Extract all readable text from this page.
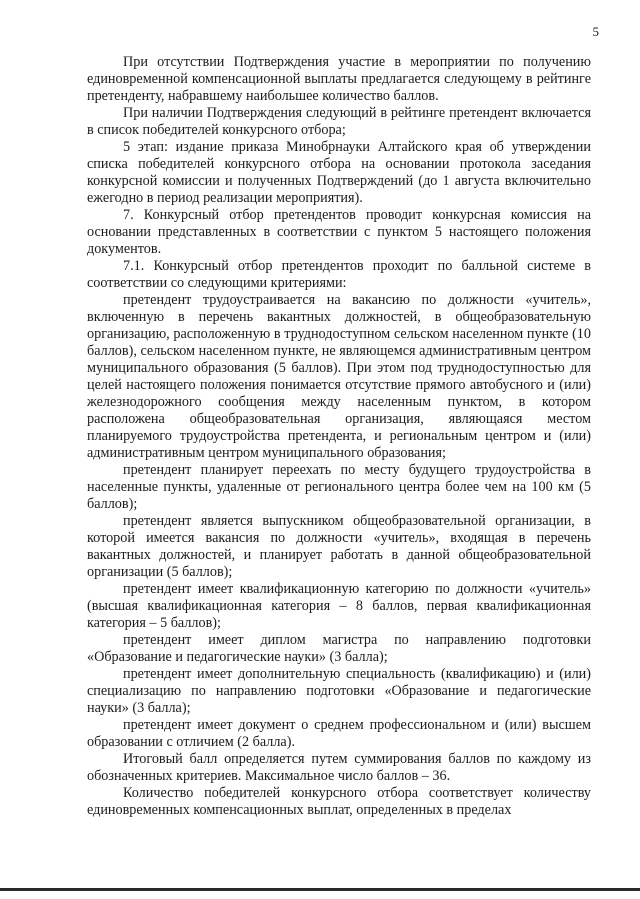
5

При отсутствии Подтверждения участие в мероприятии по получению единовременной компенсационной выплаты предлагается следующему в рейтинге претенденту, набравшему наибольшее количество баллов.

При наличии Подтверждения следующий в рейтинге претендент включается в список победителей конкурсного отбора;

5 этап: издание приказа Минобрнауки Алтайского края об утверждении списка победителей конкурсного отбора на основании протокола заседания конкурсной комиссии и полученных Подтверждений (до 1 августа включительно ежегодно в период реализации мероприятия).

7. Конкурсный отбор претендентов проводит конкурсная комиссия на основании представленных в соответствии с пунктом 5 настоящего положения документов.

7.1. Конкурсный отбор претендентов проходит по балльной системе в соответствии со следующими критериями:

претендент трудоустраивается на вакансию по должности «учитель», включенную в перечень вакантных должностей, в общеобразовательную организацию, расположенную в труднодоступном сельском населенном пункте (10 баллов), сельском населенном пункте, не являющемся административным центром муниципального образования (5 баллов). При этом под труднодоступностью для целей настоящего положения понимается отсутствие прямого автобусного и (или) железнодорожного сообщения между населенным пунктом, в котором расположена общеобразовательная организация, являющаяся местом планируемого трудоустройства претендента, и региональным центром и (или) административным центром муниципального образования;

претендент планирует переехать по месту будущего трудоустройства в населенные пункты, удаленные от регионального центра более чем на 100 км (5 баллов);

претендент является выпускником общеобразовательной организации, в которой имеется вакансия по должности «учитель», входящая в перечень вакантных должностей, и планирует работать в данной общеобразовательной организации (5 баллов);

претендент имеет квалификационную категорию по должности «учитель» (высшая квалификационная категория – 8 баллов, первая квалификационная категория – 5 баллов);

претендент имеет диплом магистра по направлению подготовки «Образование и педагогические науки» (3 балла);

претендент имеет дополнительную специальность (квалификацию) и (или) специализацию по направлению подготовки «Образование и педагогические науки» (3 балла);

претендент имеет документ о среднем профессиональном и (или) высшем образовании с отличием (2 балла).

Итоговый балл определяется путем суммирования баллов по каждому из обозначенных критериев. Максимальное число баллов – 36.

Количество победителей конкурсного отбора соответствует количеству единовременных компенсационных выплат, определенных в пределах
